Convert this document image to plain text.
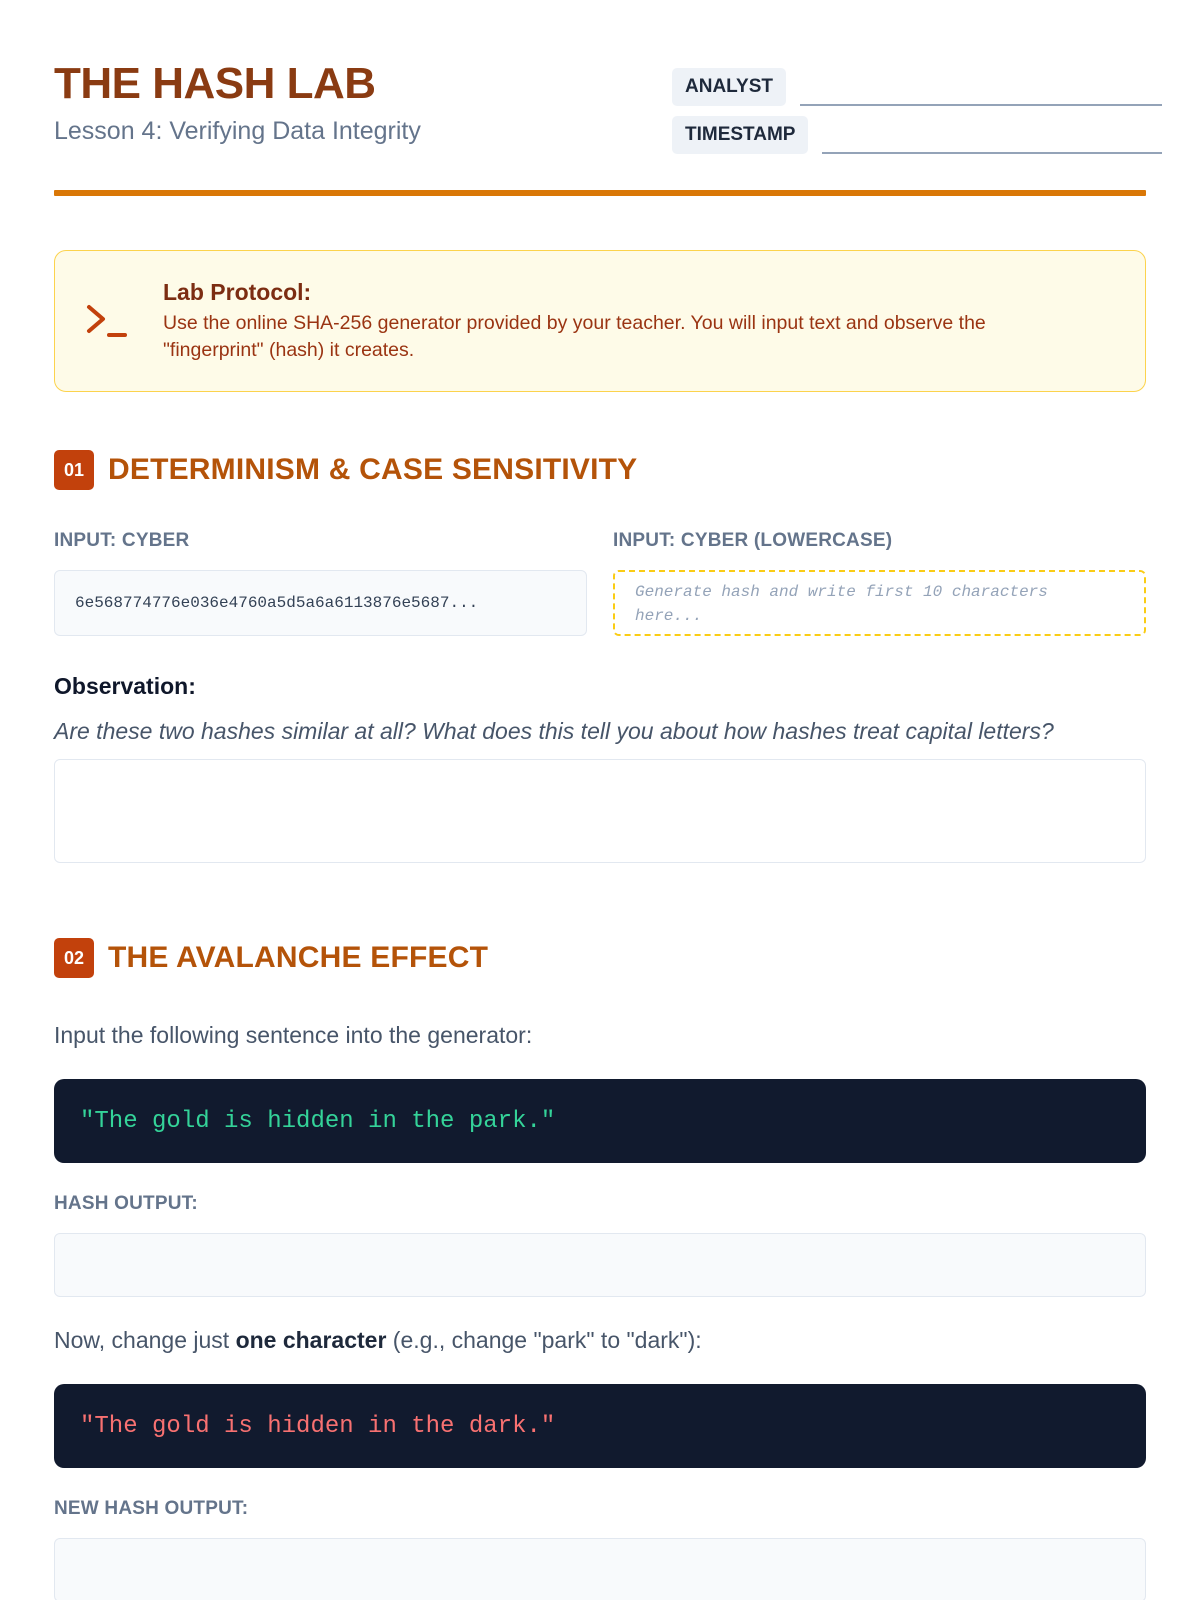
THE HASH LAB
Lesson 4: Verifying Data Integrity
ANALYST
TIMESTAMP
Lab Protocol:
Use the online SHA-256 generator provided by your teacher. You will input text and observe the
"fingerprint" (hash) it creates.
01 DETERMINISM & CASE SENSITIVITY
INPUT: CYBER
6e568774776e036e4760a5d5a6a6113876e5687...
INPUT: CYBER (LOWERCASE)
Generate hash and write first 10 characters here...
Observation:
Are these two hashes similar at all? What does this tell you about how hashes treat capital letters?
02 THE AVALANCHE EFFECT
Input the following sentence into the generator:
"The gold is hidden in the park."
HASH OUTPUT:
Now, change just one character (e.g., change "park" to "dark"):
"The gold is hidden in the dark."
NEW HASH OUTPUT:
